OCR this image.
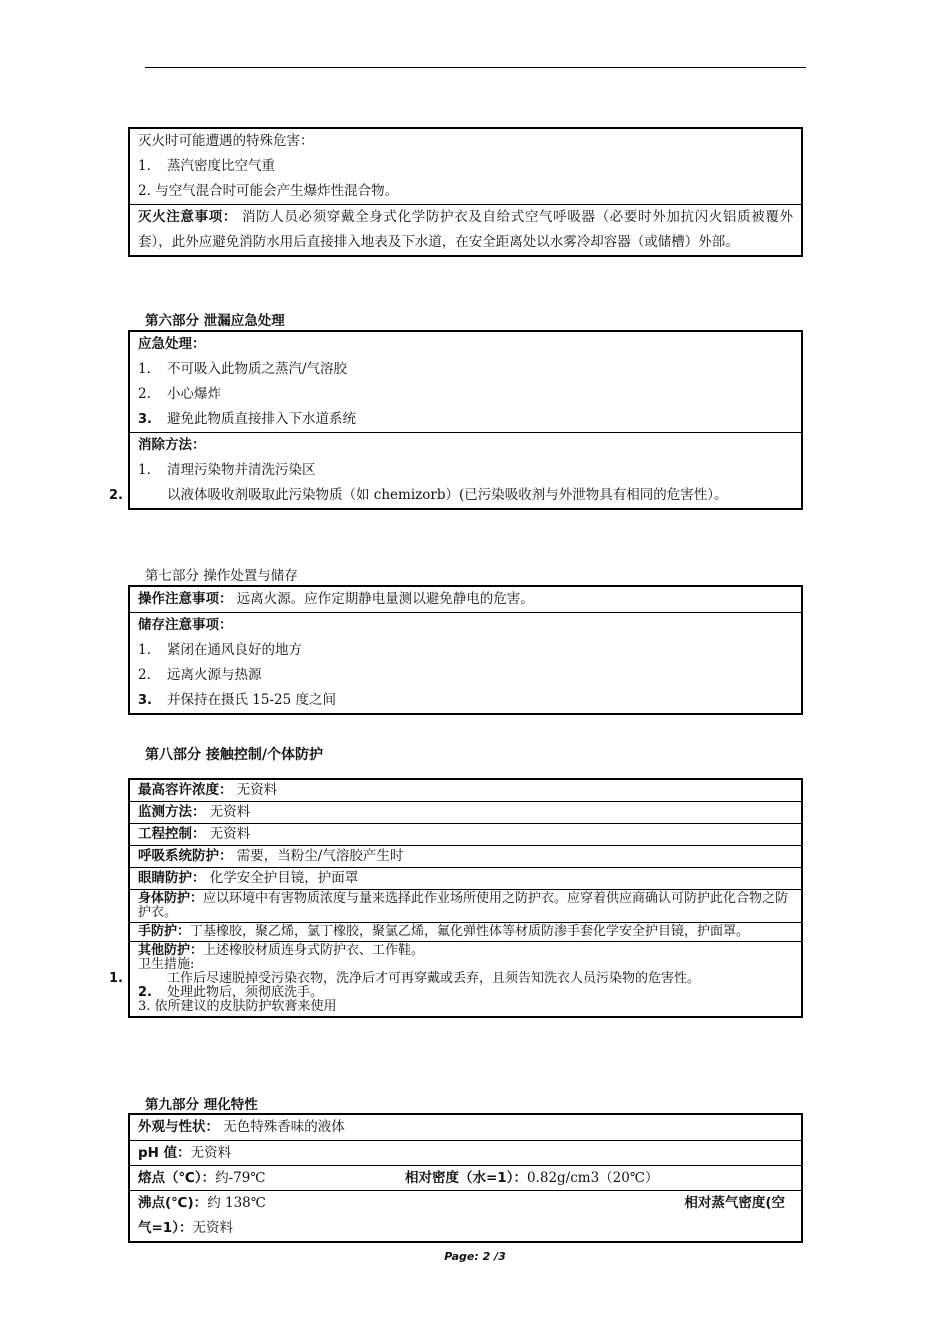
灭火时可能遭遇的特殊危害：
1. 蒸汽密度比空气重
2. 与空气混合时可能会产生爆炸性混合物。
灭火注意事项： 消防人员必须穿戴全身式化学防护衣及自给式空气呼吸器（必要时外加抗闪火铝质被覆外套），此外应避免消防水用后直接排入地表及下水道，在安全距离处以水雾冷却容器（或储槽）外部。
第六部分 泄漏应急处理
应急处理：
1. 不可吸入此物质之蒸汽/气溶胶
2. 小心爆炸
3. 避免此物质直接排入下水道系统
消除方法：
1. 清理污染物并清洗污染区
2.	以液体吸收剂吸取此污染物质（如 chemizorb）(已污染吸收剂与外泄物具有相同的危害性）。
第七部分 操作处置与储存
操作注意事项： 远离火源。应作定期静电量测以避免静电的危害。
储存注意事项：
1. 紧闭在通风良好的地方
2. 远离火源与热源
3. 并保持在摄氏 15-25 度之间
第八部分 接触控制/个体防护
最高容许浓度： 无资料
监测方法： 无资料
工程控制： 无资料
呼吸系统防护： 需要，当粉尘/气溶胶产生时
眼睛防护： 化学安全护目镜，护面罩
身体防护：应以环境中有害物质浓度与量来选择此作业场所使用之防护衣。应穿着供应商确认可防护此化合物之防护衣。
手防护：丁基橡胶，聚乙烯，氯丁橡胶，聚氯乙烯，氟化弹性体等材质防渗手套化学安全护目镜，护面罩。
其他防护：上述橡胶材质连身式防护衣、工作鞋。
卫生措施:
1.	工作后尽速脱掉受污染衣物，洗净后才可再穿戴或丢弃，且须告知洗衣人员污染物的危害性。
2. 处理此物后，须彻底洗手。
3. 依所建议的皮肤防护软膏来使用
第九部分 理化特性
外观与性状： 无色特殊香味的液体
pH 值：无资料
熔点（℃）：约-79℃	相对密度（水=1）：0.82g/cm3（20℃）
沸点(℃)：约 138℃	相对蒸气密度(空
气=1）：无资料
Page: 2 /3
